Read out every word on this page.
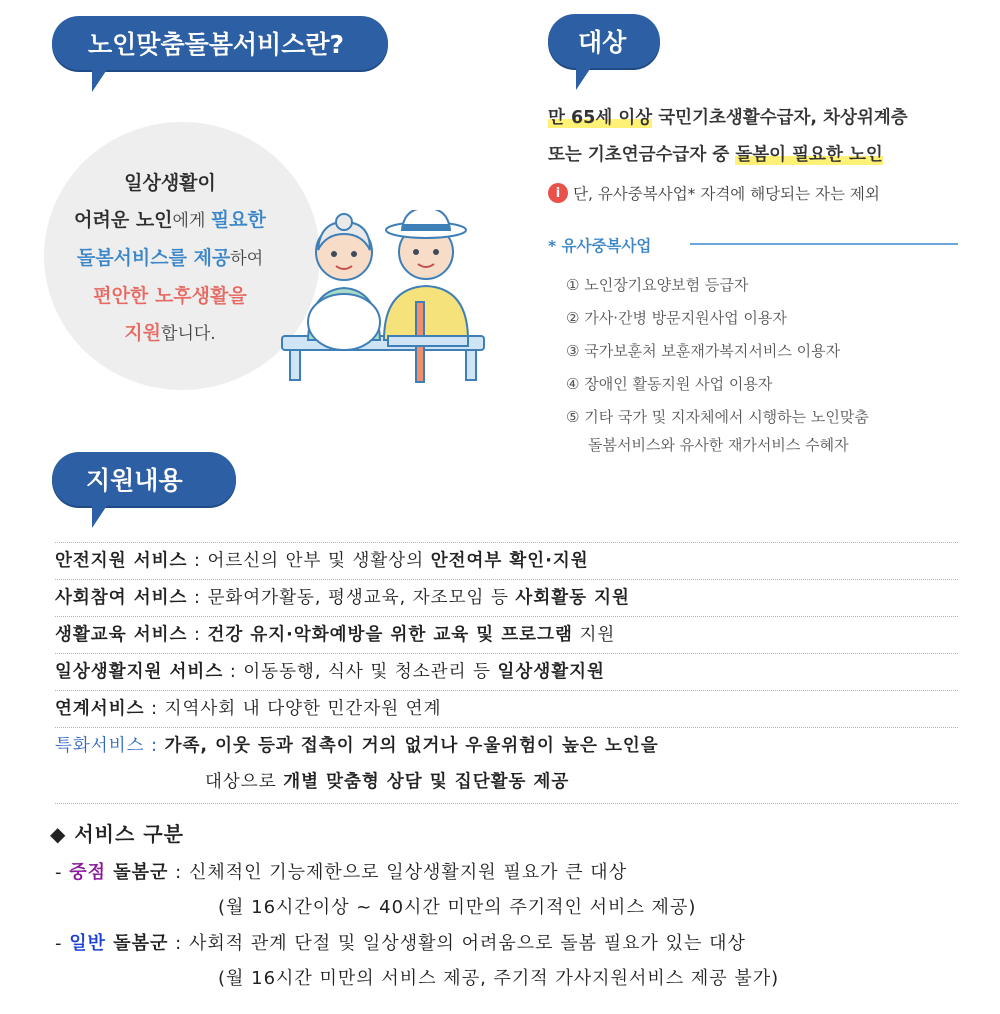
노인맞춤돌봄서비스란?	대상
지원내용
일상생활이
어려운 노인에게 필요한
돌봄서비스를 제공하여
편안한 노후생활을
지원합니다.
만 65세 이상 국민기초생활수급자, 차상위계층
또는 기초연금수급자 중 돌봄이 필요한 노인
i 단, 유사중복사업* 자격에 해당되는 자는 제외
* 유사중복사업
① 노인장기요양보험 등급자
② 가사·간병 방문지원사업 이용자
③ 국가보훈처 보훈재가복지서비스 이용자
④ 장애인 활동지원 사업 이용자
⑤ 기타 국가 및 지자체에서 시행하는 노인맞춤
돌봄서비스와 유사한 재가서비스 수혜자
안전지원 서비스 : 어르신의 안부 및 생활상의 안전여부 확인·지원
사회참여 서비스 : 문화여가활동, 평생교육, 자조모임 등 사회활동 지원
생활교육 서비스 : 건강 유지·악화예방을 위한 교육 및 프로그램 지원
일상생활지원 서비스 : 이동동행, 식사 및 청소관리 등 일상생활지원
연계서비스 : 지역사회 내 다양한 민간자원 연계
특화서비스 : 가족, 이웃 등과 접촉이 거의 없거나 우울위험이 높은 노인을
대상으로 개별 맞춤형 상담 및 집단활동 제공
◆ 서비스 구분
- 중점 돌봄군 : 신체적인 기능제한으로 일상생활지원 필요가 큰 대상
(월 16시간이상 ~ 40시간 미만의 주기적인 서비스 제공)
- 일반 돌봄군 : 사회적 관계 단절 및 일상생활의 어려움으로 돌봄 필요가 있는 대상
(월 16시간 미만의 서비스 제공, 주기적 가사지원서비스 제공 불가)
